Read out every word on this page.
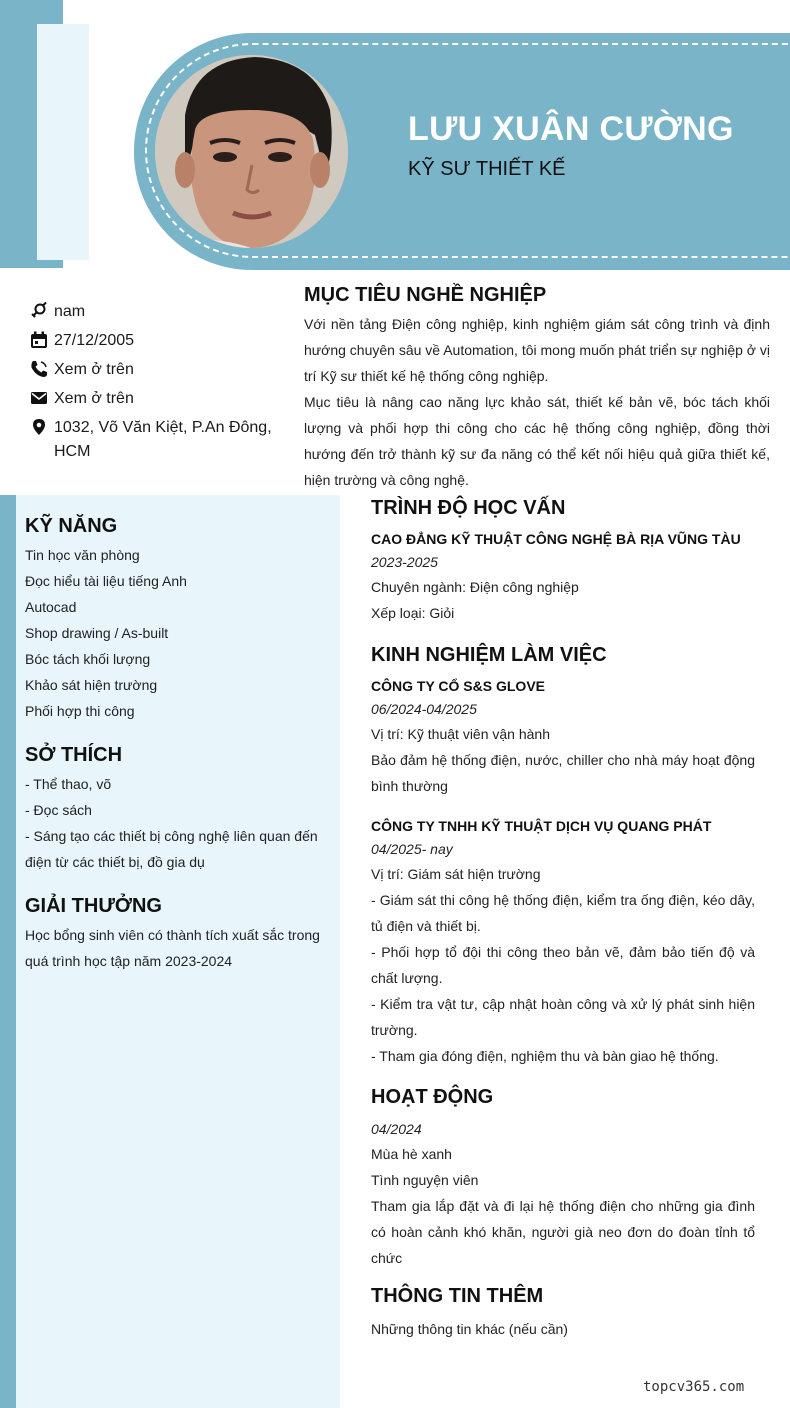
LƯU XUÂN CƯỜNG
KỸ SƯ THIẾT KẾ
nam
27/12/2005
Xem ở trên
Xem ở trên
1032, Võ Văn Kiệt, P.An Đông, HCM
MỤC TIÊU NGHỀ NGHIỆP

Với nền tảng Điện công nghiệp, kinh nghiệm giám sát công trình và định hướng chuyên sâu về Automation, tôi mong muốn phát triển sự nghiệp ở vị trí Kỹ sư thiết kế hệ thống công nghiệp.

Mục tiêu là nâng cao năng lực khảo sát, thiết kế bản vẽ, bóc tách khối lượng và phối hợp thi công cho các hệ thống công nghiệp, đồng thời hướng đến trở thành kỹ sư đa năng có thể kết nối hiệu quả giữa thiết kế, hiện trường và công nghệ.

KỸ NĂNG

Tin học văn phòng

Đọc hiểu tài liệu tiếng Anh

Autocad

Shop drawing / As-built

Bóc tách khối lượng

Khảo sát hiện trường

Phối hợp thi công

SỞ THÍCH

- Thể thao, võ

- Đọc sách

- Sáng tạo các thiết bị công nghệ liên quan đến điện từ các thiết bị, đồ gia dụ

GIẢI THƯỞNG

Học bổng sinh viên có thành tích xuất sắc trong quá trình học tập năm 2023-2024

TRÌNH ĐỘ HỌC VẤN

CAO ĐẲNG KỸ THUẬT CÔNG NGHỆ BÀ RỊA VŨNG TÀU

2023-2025

Chuyên ngành: Điện công nghiệp

Xếp loại: Giỏi

KINH NGHIỆM LÀM VIỆC

CÔNG TY CỔ S&S GLOVE

06/2024-04/2025

Vị trí: Kỹ thuật viên vận hành

Bảo đảm hệ thống điện, nước, chiller cho nhà máy hoạt động bình thường

CÔNG TY TNHH KỸ THUẬT DỊCH VỤ QUANG PHÁT

04/2025- nay

Vị trí: Giám sát hiện trường

- Giám sát thi công hệ thống điện, kiểm tra ống điện, kéo dây, tủ điện và thiết bị.

- Phối hợp tổ đội thi công theo bản vẽ, đảm bảo tiến độ và chất lượng.

- Kiểm tra vật tư, cập nhật hoàn công và xử lý phát sinh hiện trường.

- Tham gia đóng điện, nghiệm thu và bàn giao hệ thống.

HOẠT ĐỘNG

04/2024

Mùa hè xanh

Tình nguyện viên

Tham gia lắp đặt và đi lại hệ thống điện cho những gia đình có hoàn cảnh khó khăn, người già neo đơn do đoàn tỉnh tổ chức

THÔNG TIN THÊM

Những thông tin khác (nếu cần)

topcv365.com
